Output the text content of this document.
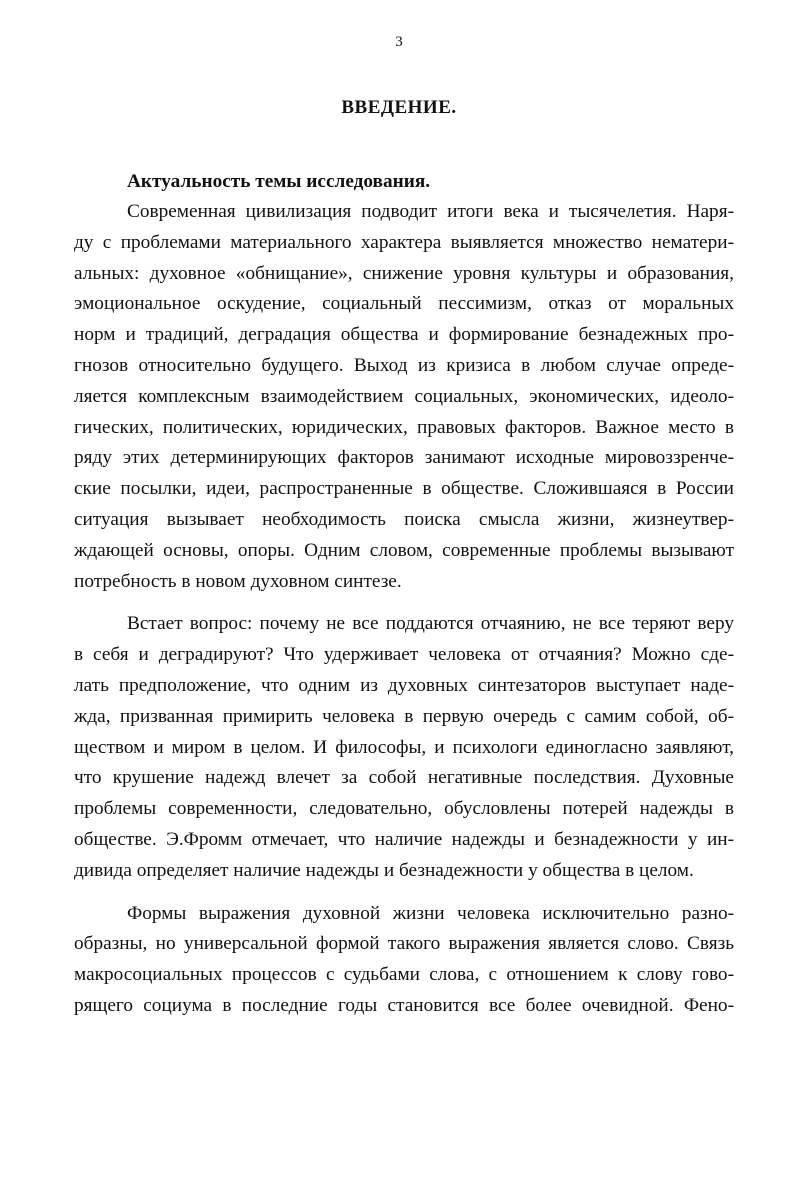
3
ВВЕДЕНИЕ.

Актуальность темы исследования.

Современная цивилизация подводит итоги века и тысячелетия. Наря-
ду с проблемами материального характера выявляется множество нематери-
альных: духовное «обнищание», снижение уровня культуры и образования,
эмоциональное оскудение, социальный пессимизм, отказ от моральных
норм и традиций, деградация общества и формирование безнадежных про-
гнозов относительно будущего. Выход из кризиса в любом случае опреде-
ляется комплексным взаимодействием социальных, экономических, идеоло-
гических, политических, юридических, правовых факторов. Важное место в
ряду этих детерминирующих факторов занимают исходные мировоззренче-
ские посылки, идеи, распространенные в обществе. Сложившаяся в России
ситуация вызывает необходимость поиска смысла жизни, жизнеутвер-
ждающей основы, опоры. Одним словом, современные проблемы вызывают
потребность в новом духовном синтезе.
Встает вопрос: почему не все поддаются отчаянию, не все теряют веру
в себя и деградируют? Что удерживает человека от отчаяния? Можно сде-
лать предположение, что одним из духовных синтезаторов выступает наде-
жда, призванная примирить человека в первую очередь с самим собой, об-
ществом и миром в целом. И философы, и психологи единогласно заявляют,
что крушение надежд влечет за собой негативные последствия. Духовные
проблемы современности, следовательно, обусловлены потерей надежды в
обществе. Э.Фромм отмечает, что наличие надежды и безнадежности у ин-
дивида определяет наличие надежды и безнадежности у общества в целом.
Формы выражения духовной жизни человека исключительно разно-
образны, но универсальной формой такого выражения является слово. Связь
макросоциальных процессов с судьбами слова, с отношением к слову гово-
рящего социума в последние годы становится все более очевидной. Фено-
